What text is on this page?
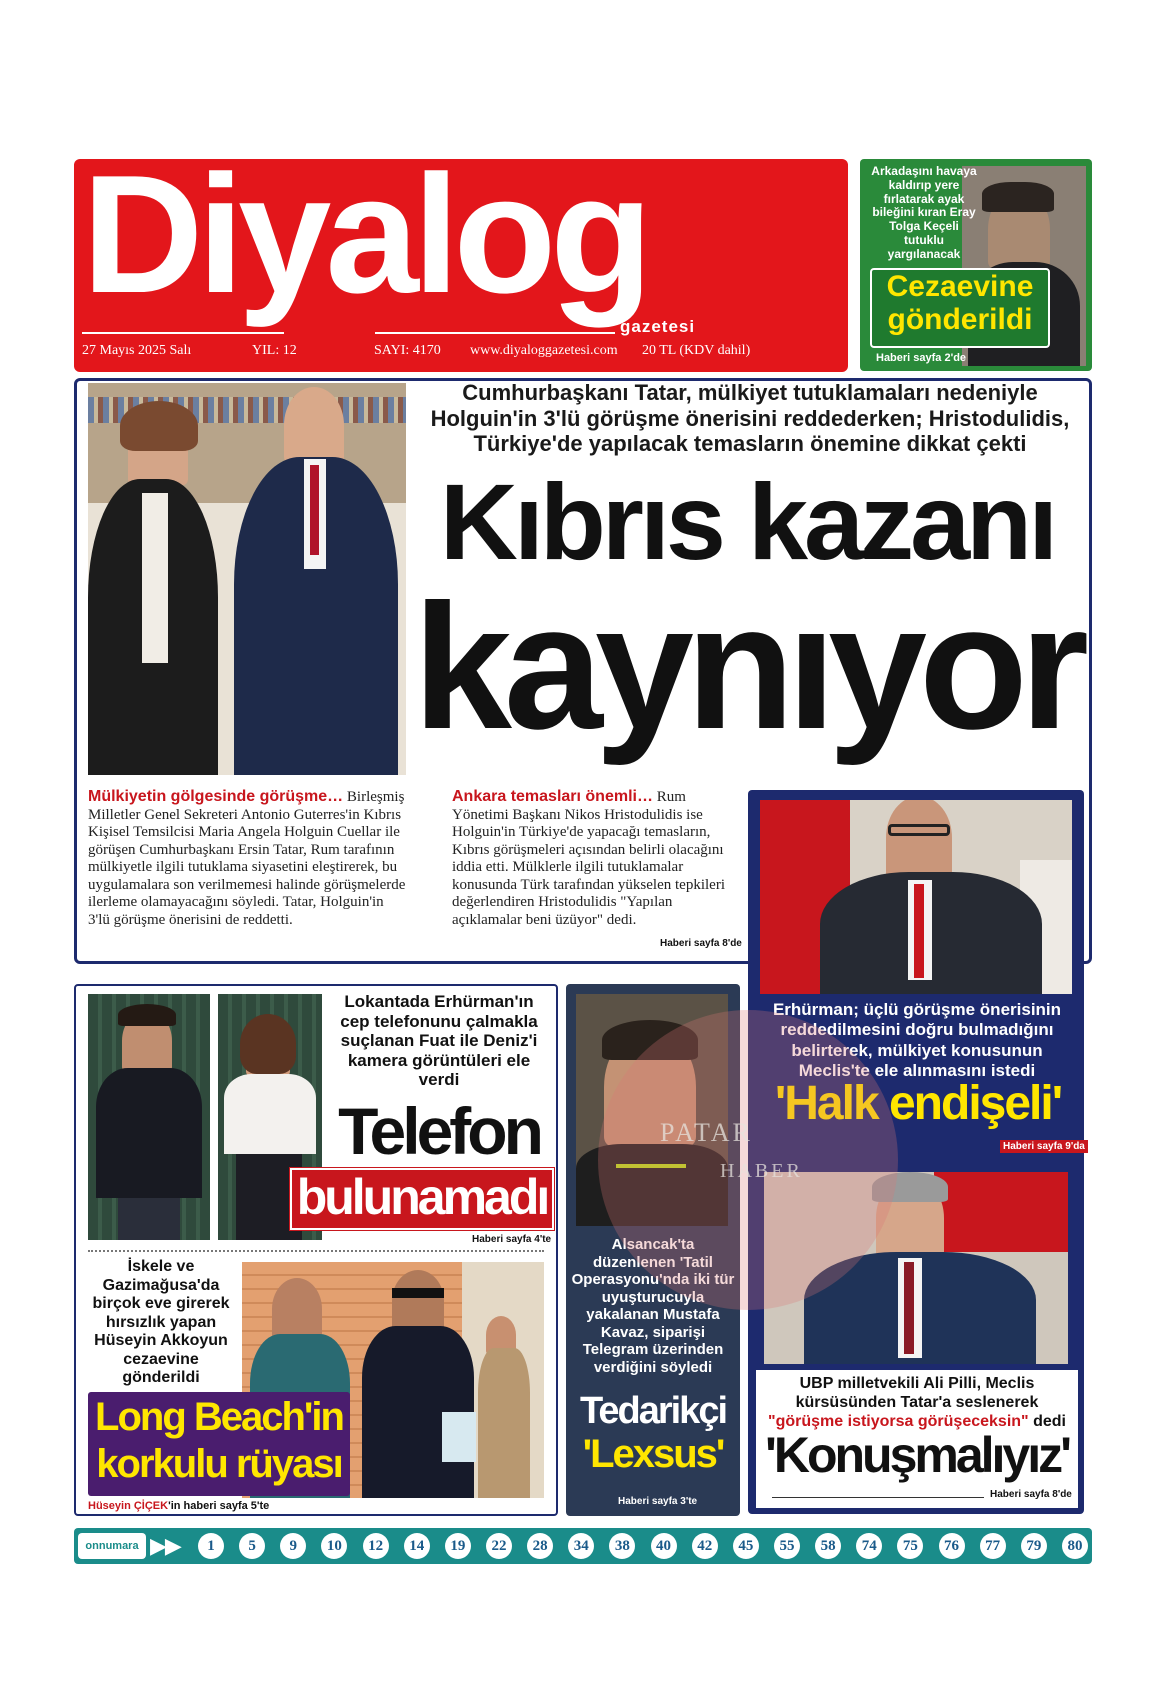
Diyalog
gazetesi
27 Mayıs 2025 Salı	YIL: 12	SAYI: 4170 www.diyaloggazetesi.com 20 TL (KDV dahil)
Arkadaşını havaya kaldırıp yere fırlatarak ayak bileğini kıran Eray Tolga Keçeli tutuklu yargılanacak
Cezaevine gönderildi
Haberi sayfa 2'de
Cumhurbaşkanı Tatar, mülkiyet tutuklamaları nedeniyle Holguin'in 3'lü görüşme önerisini reddederken; Hristodulidis, Türkiye'de yapılacak temasların önemine dikkat çekti
Kıbrıs kazanı
kaynıyor
Mülkiyetin gölgesinde görüşme… Birleşmiş Milletler Genel Sekreteri Antonio Guterres'in Kıbrıs Kişisel Temsilcisi Maria Angela Holguin Cuellar ile görüşen Cumhurbaşkanı Ersin Tatar, Rum tarafının mülkiyetle ilgili tutuklama siyasetini eleştirerek, bu uygulamalara son verilmemesi halinde görüşmelerde ilerleme olamayacağını söyledi. Tatar, Holguin'in 3'lü görüşme önerisini de reddetti.
Ankara temasları önemli… Rum Yönetimi Başkanı Nikos Hristodulidis ise Holguin'in Türkiye'de yapacağı temasların, Kıbrıs görüşmeleri açısından belirli olacağını iddia etti. Mülklerle ilgili tutuklamalar konusunda Türk tarafından yükselen tepkileri değerlendiren Hristodulidis "Yapılan açıklamalar beni üzüyor" dedi.
Haberi sayfa 8'de
Erhürman; üçlü görüşme önerisinin reddedilmesini doğru bulmadığını belirterek, mülkiyet konusunun Meclis'te ele alınmasını istedi
'Halk endişeli'
Haberi sayfa 9'da
UBP milletvekili Ali Pilli, Meclis kürsüsünden Tatar'a seslenerek
"görüşme istiyorsa görüşeceksin" dedi
'Konuşmalıyız'
Haberi sayfa 8'de
Lokantada Erhürman'ın cep telefonunu çalmakla suçlanan Fuat ile Deniz'i kamera görüntüleri ele verdi
Telefon
bulunamadı
Haberi sayfa 4'te
İskele ve Gazimağusa'da birçok eve girerek hırsızlık yapan Hüseyin Akkoyun cezaevine gönderildi
Long Beach'in korkulu rüyası
Hüseyin ÇİÇEK'in haberi sayfa 5'te
Alsancak'ta düzenlenen 'Tatil Operasyonu'nda iki tür uyuşturucuyla yakalanan Mustafa Kavaz, siparişi Telegram üzerinden verdiğini söyledi
Tedarikçi
'Lexsus'
Haberi sayfa 3'te
PATAR
HABER
onnumara ▶▶	1	5	9	10	12	14	19	22	28	34	38	40	42	45	55	58	74	75	76	77	79	80
